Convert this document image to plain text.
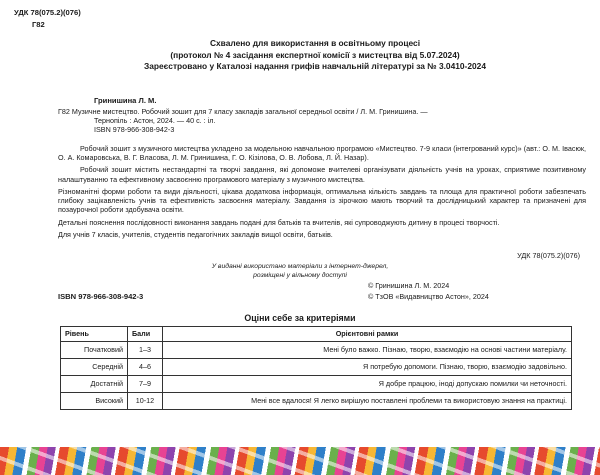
УДК 78(075.2)(076)
Г82
Схвалено для використання в освітньому процесі
(протокол № 4 засідання експертної комісії з мистецтва від 5.07.2024)
Зареєстровано у Каталозі надання грифів навчальній літературі за № 3.0410-2024
Гринишина Л. М.
Г82 Музичне мистецтво. Робочий зошит для 7 класу закладів загальної середньої освіти / Л. М. Гринишина. —
Тернопіль : Астон, 2024. — 40 с. : іл.
ISBN 978-966-308-942-3

Робочий зошит з музичного мистецтва укладено за модельною навчальною програмою «Мистецтво. 7-9 класи (інтегрований курс)» (авт.: О. М. Івасюк, О. А. Комаровська, В. Г. Власова, Л. М. Гринишина, Г. О. Кізілова, О. В. Лобова, Л. Й. Назар).

Робочий зошит містить нестандартні та творчі завдання, які допоможе вчителеві організувати діяльність учнів на уроках, сприятиме позитивному налаштуванню та ефективному засвоєнню програмового матеріалу з музичного мистецтва.

Різноманітні форми роботи та види діяльності, цікава додаткова інформація, оптимальна кількість завдань та площа для практичної роботи забезпечать глибоку зацікавленість учнів та ефективність засвоєння матеріалу. Завдання із зірочкою мають творчий та дослідницький характер та призначені для позаурочної роботи здобувача освіти.

Детальні пояснення послідовності виконання завдань подані для батьків та вчителів, які супроводжують дитину в процесі творчості.

Для учнів 7 класів, учителів, студентів педагогічних закладів вищої освіти, батьків.

УДК 78(075.2)(076)
У виданні використано матеріали з інтернет-джерел,
розміщені у вільному доступі
ISBN 978-966-308-942-3
© Гринишина Л. М. 2024
© ТзОВ «Видавництво Астон», 2024
Оціни себе за критеріями
Рівень	Бали	Орієнтовні рамки
Початковий	1–3	Мені було важко. Пізнаю, творю, взаємодію на основі частини матеріалу.
Середній	4–6	Я потребую допомоги. Пізнаю, творю, взаємодію задовільно.
Достатній	7–9	Я добре працюю, іноді допускаю помилки чи неточності.
Високий	10-12	Мені все вдалося! Я легко вирішую поставлені проблеми та використовую знання на практиці.
